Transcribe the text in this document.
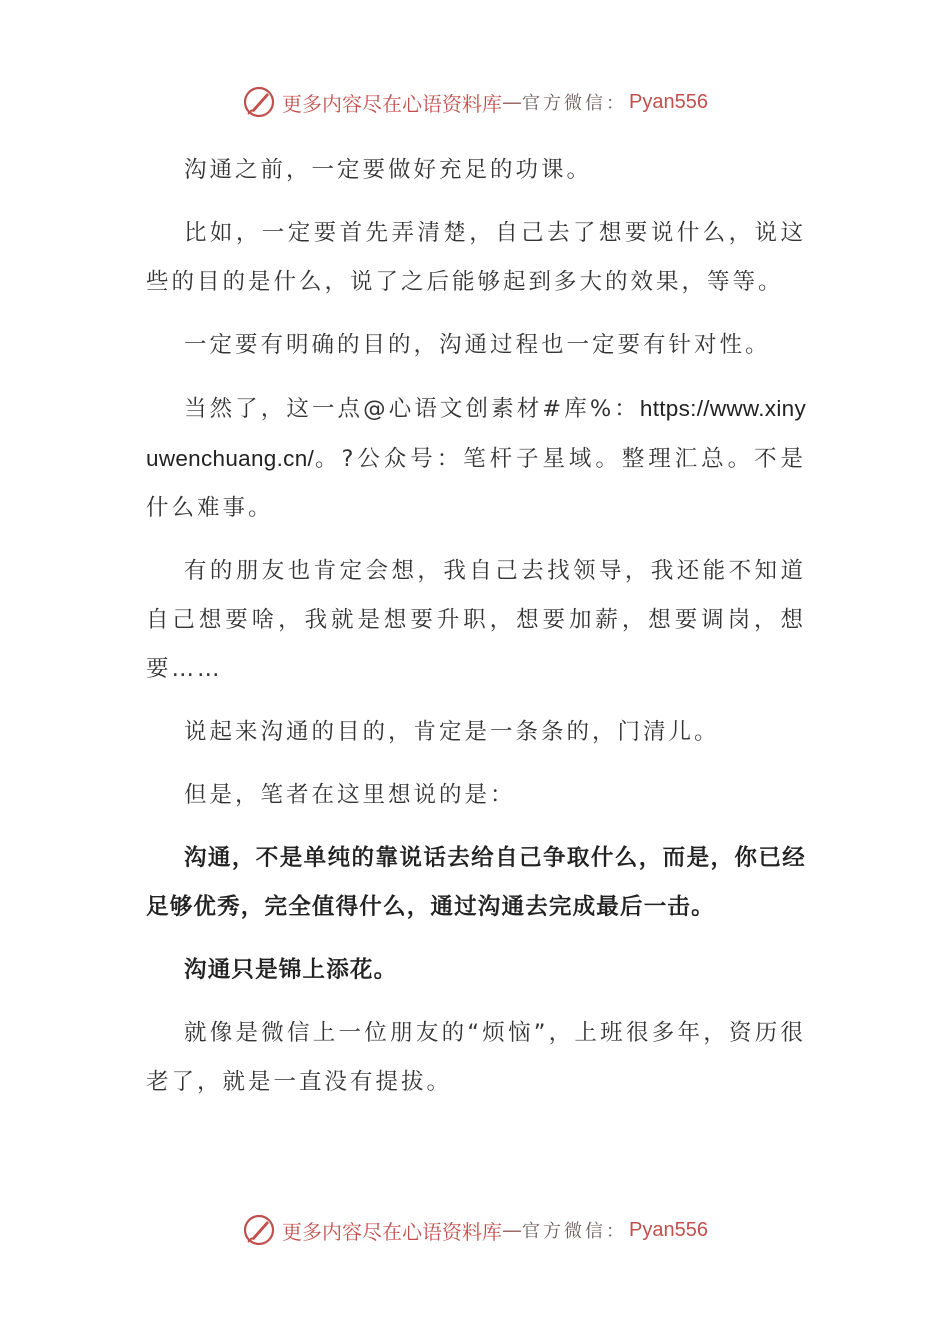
更多内容尽在心语资料库 — 官方微信： Pyan556

沟通之前，一定要做好充足的功课。

比如，一定要首先弄清楚，自己去了想要说什么，说这些的目的是什么，说了之后能够起到多大的效果，等等。

一定要有明确的目的，沟通过程也一定要有针对性。

当然了，这一点@心语文创素材#库%：https://www.xinyuwenchuang.cn/。?公众号：笔杆子星域。整理汇总。不是什么难事。

有的朋友也肯定会想，我自己去找领导，我还能不知道自己想要啥，我就是想要升职，想要加薪，想要调岗，想要……

说起来沟通的目的，肯定是一条条的，门清儿。

但是，笔者在这里想说的是：

沟通，不是单纯的靠说话去给自己争取什么，而是，你已经足够优秀，完全值得什么，通过沟通去完成最后一击。

沟通只是锦上添花。

就像是微信上一位朋友的“烦恼”，上班很多年，资历很老了，就是一直没有提拔。

更多内容尽在心语资料库 — 官方微信： Pyan556
